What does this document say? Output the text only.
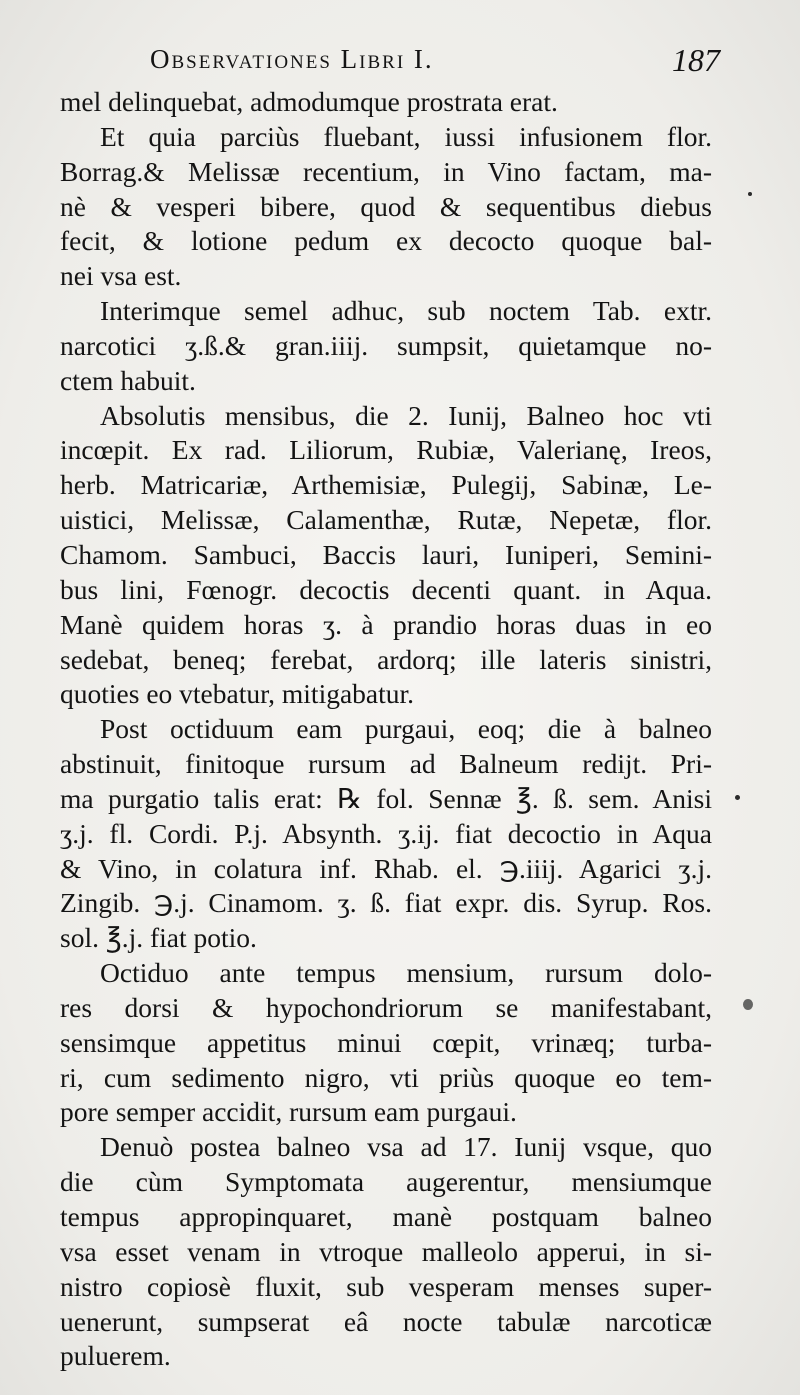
Observationes Libri I.	187
mel delinquebat, admodumque prostrata erat.
Et quia parciùs fluebant, iussi infusionem flor.
Borrag.& Melissæ recentium, in Vino factam, ma-
nè & vesperi bibere, quod & sequentibus diebus
fecit, & lotione pedum ex decocto quoque bal-
nei vsa est.
Interimque semel adhuc, sub noctem Tab. extr.
narcotici ʒ.ß.& gran.iiij. sumpsit, quietamque no-
ctem habuit.
Absolutis mensibus, die 2. Iunij, Balneo hoc vti
incœpit. Ex rad. Liliorum, Rubiæ, Valerianę, Ireos,
herb. Matricariæ, Arthemisiæ, Pulegij, Sabinæ, Le-
uistici, Melissæ, Calamenthæ, Rutæ, Nepetæ, flor.
Chamom. Sambuci, Baccis lauri, Iuniperi, Semini-
bus lini, Fœnogr. decoctis decenti quant. in Aqua.
Manè quidem horas ʒ. à prandio horas duas in eo
sedebat, beneq; ferebat, ardorq; ille lateris sinistri,
quoties eo vtebatur, mitigabatur.
Post octiduum eam purgaui, eoq; die à balneo
abstinuit, finitoque rursum ad Balneum redijt. Pri-
ma purgatio talis erat: ℞ fol. Sennæ ℥. ß. sem. Anisi
ʒ.j. fl. Cordi. P.j. Absynth. ʒ.ij. fiat decoctio in Aqua
& Vino, in colatura inf. Rhab. el. ℈.iiij. Agarici ʒ.j.
Zingib. ℈.j. Cinamom. ʒ. ß. fiat expr. dis. Syrup. Ros.
sol. ℥.j. fiat potio.
Octiduo ante tempus mensium, rursum dolo-
res dorsi & hypochondriorum se manifestabant,
sensimque appetitus minui cœpit, vrinæq; turba-
ri, cum sedimento nigro, vti priùs quoque eo tem-
pore semper accidit, rursum eam purgaui.
Denuò postea balneo vsa ad 17. Iunij vsque, quo
die cùm Symptomata augerentur, mensiumque
tempus appropinquaret, manè postquam balneo
vsa esset venam in vtroque malleolo apperui, in si-
nistro copiosè fluxit, sub vesperam menses super-
uenerunt, sumpserat eâ nocte tabulæ narcoticæ
puluerem.
